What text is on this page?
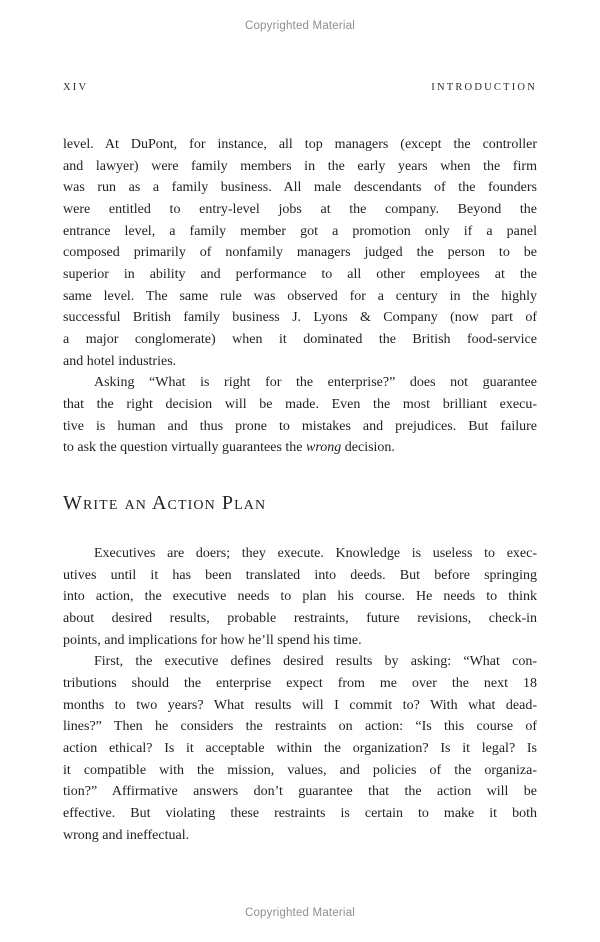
Copyrighted Material
XIV	INTRODUCTION
level. At DuPont, for instance, all top managers (except the controller
and lawyer) were family members in the early years when the firm
was run as a family business. All male descendants of the founders
were entitled to entry-level jobs at the company. Beyond the
entrance level, a family member got a promotion only if a panel
composed primarily of nonfamily managers judged the person to be
superior in ability and performance to all other employees at the
same level. The same rule was observed for a century in the highly
successful British family business J. Lyons & Company (now part of
a major conglomerate) when it dominated the British food-service
and hotel industries.
Asking “What is right for the enterprise?” does not guarantee
that the right decision will be made. Even the most brilliant execu-
tive is human and thus prone to mistakes and prejudices. But failure
to ask the question virtually guarantees the wrong decision.
Write an Action Plan
Executives are doers; they execute. Knowledge is useless to exec-
utives until it has been translated into deeds. But before springing
into action, the executive needs to plan his course. He needs to think
about desired results, probable restraints, future revisions, check-in
points, and implications for how he’ll spend his time.
First, the executive defines desired results by asking: “What con-
tributions should the enterprise expect from me over the next 18
months to two years? What results will I commit to? With what dead-
lines?” Then he considers the restraints on action: “Is this course of
action ethical? Is it acceptable within the organization? Is it legal? Is
it compatible with the mission, values, and policies of the organiza-
tion?” Affirmative answers don’t guarantee that the action will be
effective. But violating these restraints is certain to make it both
wrong and ineffectual.
Copyrighted Material
